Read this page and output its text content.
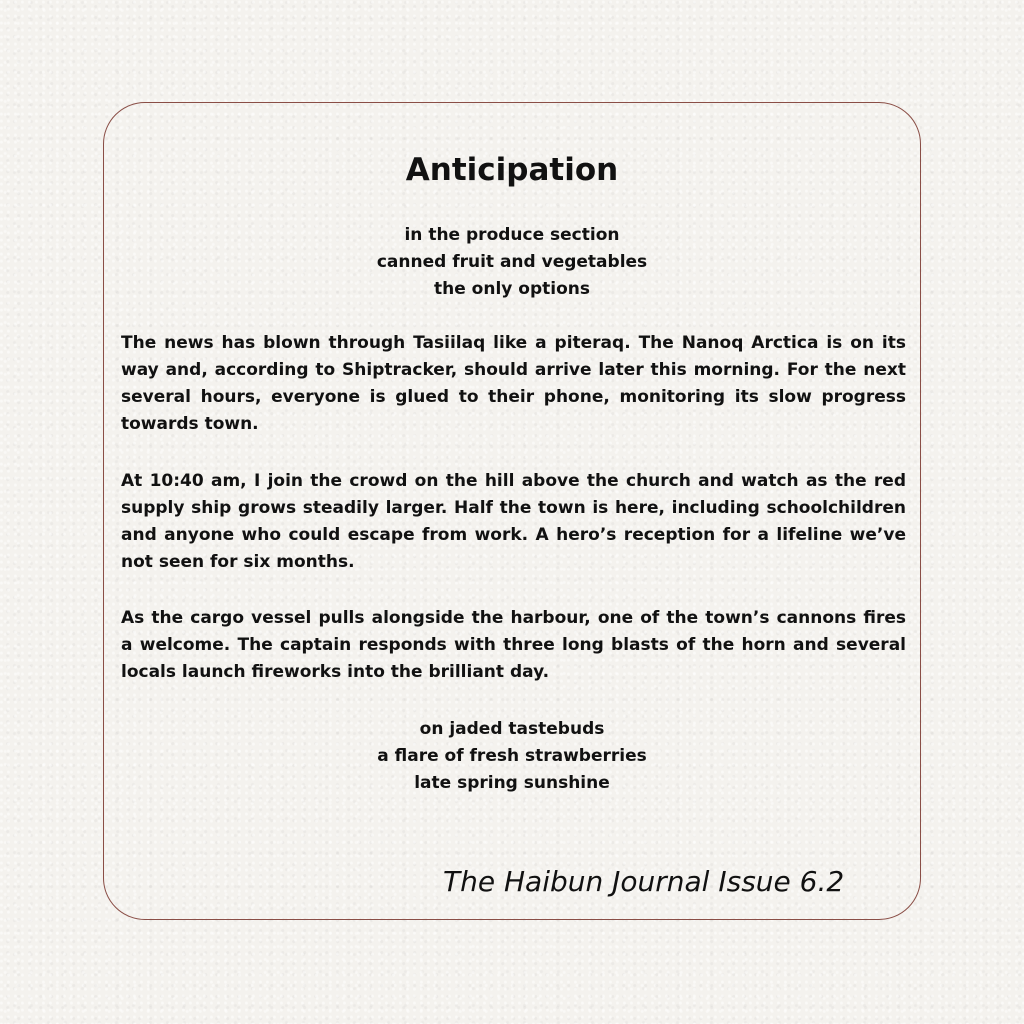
Anticipation
in the produce section
canned fruit and vegetables
the only options

The news has blown through Tasiilaq like a piteraq. The Nanoq Arctica is on its way and, according to Shiptracker, should arrive later this morning. For the next several hours, everyone is glued to their phone, monitoring its slow progress towards town.

At 10:40 am, I join the crowd on the hill above the church and watch as the red supply ship grows steadily larger. Half the town is here, including schoolchildren and anyone who could escape from work. A hero’s reception for a lifeline we’ve not seen for six months.

As the cargo vessel pulls alongside the harbour, one of the town’s cannons fires a welcome. The captain responds with three long blasts of the horn and several locals launch fireworks into the brilliant day.

on jaded tastebuds
a flare of fresh strawberries
late spring sunshine

The Haibun Journal Issue 6.2
